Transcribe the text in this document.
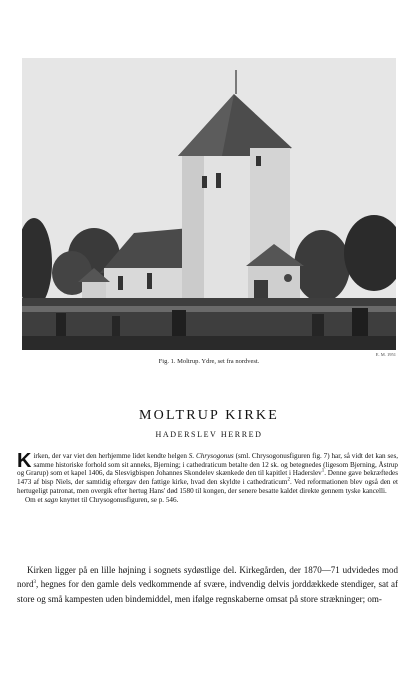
E. M. 1951
Fig. 1. Moltrup. Ydre, set fra nordvest.
MOLTRUP KIRKE
HADERSLEV HERRED

Kirken, der var viet den herhjemme lidet kendte helgen S. Chrysogonus (sml. Chrysogonusfiguren fig. 7) har, så vidt det kan ses, samme historiske forhold som sit anneks, Bjerning; i cathedraticum betalte den 12 sk. og betegnedes (ligesom Bjerning, Åstrup og Grarup) som et kapel 1406, da Slesvigbispen Johannes Skondelev skænkede den til kapitlet i Haderslev$^1$. Denne gave bekræftedes 1473 af bisp Niels, der samtidig eftergav den fattige kirke, hvad den skyldte i cathedraticum$^2$. Ved reformationen blev også den et hertugeligt patronat, men overgik efter hertug Hans' død 1580 til kongen, der senere besatte kaldet direkte gennem tyske kancelli.

Om et sagn knyttet til Chrysogonusfiguren, se p. 546.

Kirken ligger på en lille højning i sognets sydøstlige del. Kirkegården, der 1870—71 udvidedes mod nord$^3$, hegnes for den gamle dels vedkommende af svære, indvendig delvis jorddækkede stendiger, sat af store og små kampesten uden bindemiddel, men ifølge regnskaberne omsat på store strækninger; om-
